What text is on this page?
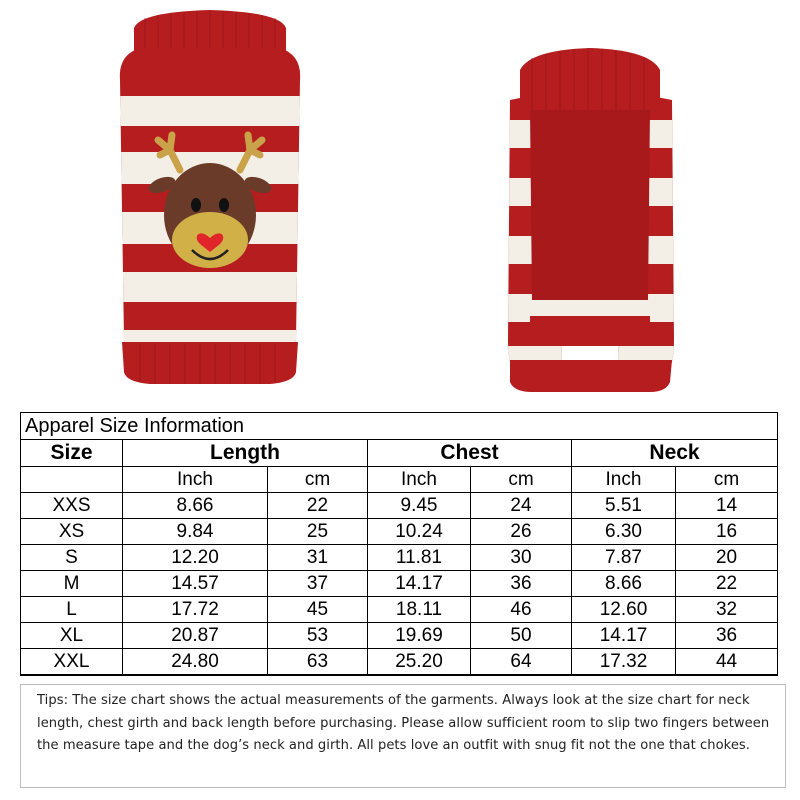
Apparel Size Information						
Size	Length		Chest		Neck	
	Inch	cm	Inch	cm	Inch	cm
XXS	8.66	22	9.45	24	5.51	14
XS	9.84	25	10.24	26	6.30	16
S	12.20	31	11.81	30	7.87	20
M	14.57	37	14.17	36	8.66	22
L	17.72	45	18.11	46	12.60	32
XL	20.87	53	19.69	50	14.17	36
XXL	24.80	63	25.20	64	17.32	44

Tips: The size chart shows the actual measurements of the garments. Always look at the size chart for neck length, chest girth and back length before purchasing. Please allow sufficient room to slip two fingers between the measure tape and the dog’s neck and girth. All pets love an outfit with snug fit not the one that chokes.
